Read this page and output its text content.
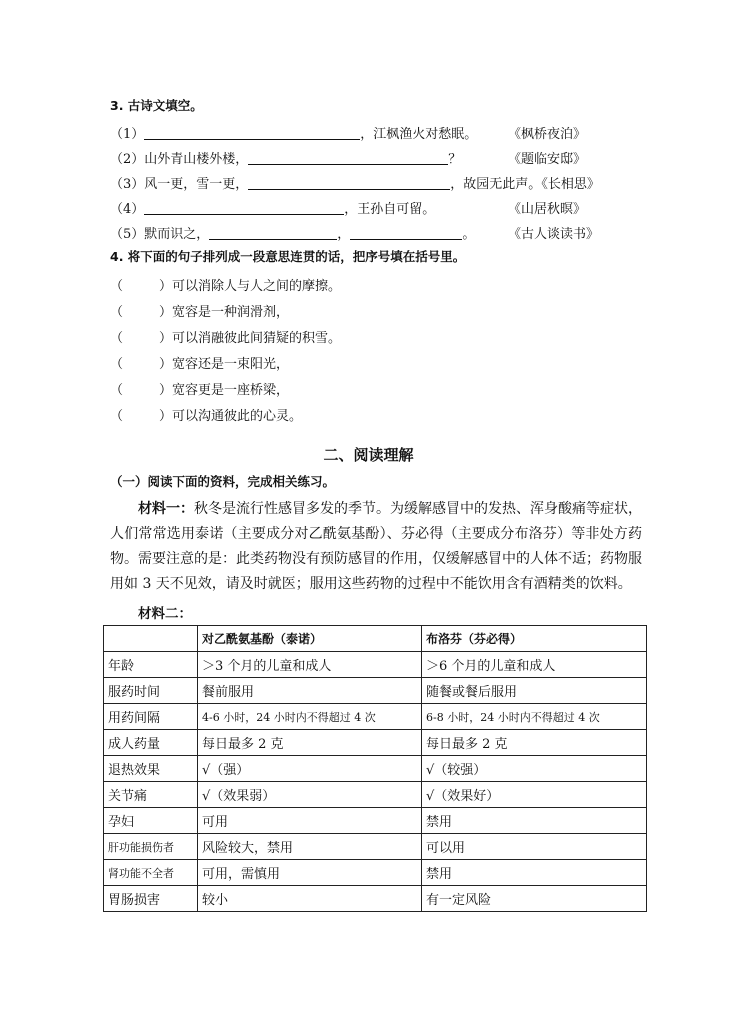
3. 古诗文填空。
（1）	，江枫渔火对愁眠。 《枫桥夜泊》
（2）山外青山楼外楼，	？	《题临安邸》
（3）风一更，雪一更，	，故园无此声。《长相思》
（4）	，王孙自可留。	《山居秋暝》
（5）默而识之，	，	。	《古人谈读书》
4. 将下面的句子排列成一段意思连贯的话，把序号填在括号里。
（	）可以消除人与人之间的摩擦。
（	）宽容是一种润滑剂，
（	）可以消融彼此间猜疑的积雪。
（	）宽容还是一束阳光，
（	）宽容更是一座桥梁，
（	）可以沟通彼此的心灵。
二、阅读理解
（一）阅读下面的资料，完成相关练习。
材料一：秋冬是流行性感冒多发的季节。为缓解感冒中的发热、浑身酸痛等症状，人们常常选用泰诺（主要成分对乙酰氨基酚）、芬必得（主要成分布洛芬）等非处方药物。需要注意的是：此类药物没有预防感冒的作用，仅缓解感冒中的人体不适；药物服用如 3 天不见效，请及时就医；服用这些药物的过程中不能饮用含有酒精类的饮料。
材料二：
	对乙酰氨基酚（泰诺）	布洛芬（芬必得）
年龄	＞3 个月的儿童和成人	＞6 个月的儿童和成人
服药时间	餐前服用	随餐或餐后服用
用药间隔	4-6 小时，24 小时内不得超过 4 次	6-8 小时，24 小时内不得超过 4 次
成人药量	每日最多 2 克	每日最多 2 克
退热效果	√（强）	√（较强）
关节痛	√（效果弱）	√（效果好）
孕妇	可用	禁用
肝功能损伤者	风险较大，禁用	可以用
肾功能不全者	可用，需慎用	禁用
胃肠损害	较小	有一定风险
